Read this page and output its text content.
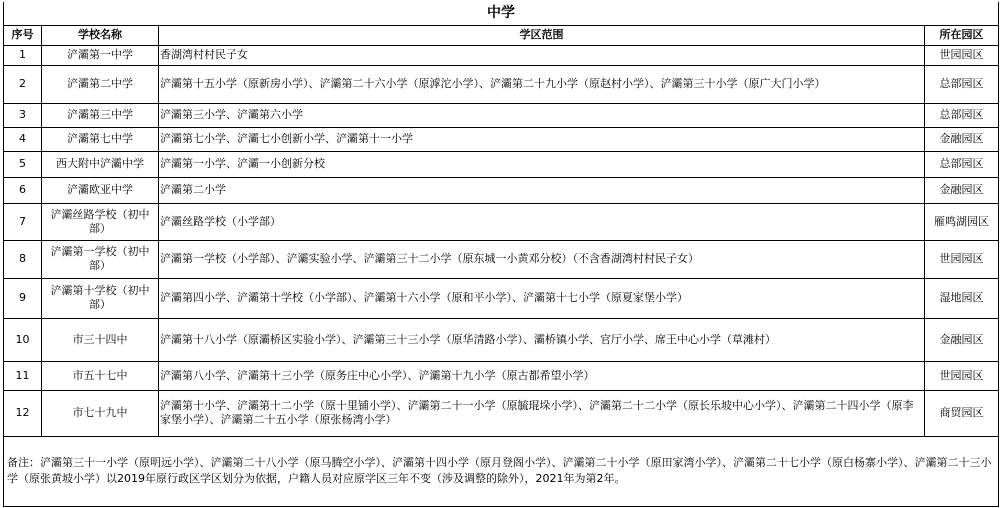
中学			
序号	学校名称	学区范围	所在园区
1	浐灞第一中学	香湖湾村村民子女	世园园区
2	浐灞第二中学	浐灞第十五小学（原新房小学）、浐灞第二十六小学（原滹沱小学）、浐灞第二十九小学（原赵村小学）、浐灞第三十小学（原广大门小学）	总部园区
3	浐灞第三中学	浐灞第三小学、浐灞第六小学	总部园区
4	浐灞第七中学	浐灞第七小学、浐灞七小创新小学、浐灞第十一小学	金融园区
5	西大附中浐灞中学	浐灞第一小学、浐灞一小创新分校	总部园区
6	浐灞欧亚中学	浐灞第二小学	金融园区
7	浐灞丝路学校（初中部）	浐灞丝路学校（小学部）	雁鸣湖园区
8	浐灞第一学校（初中部）	浐灞第一学校（小学部）、浐灞实验小学、浐灞第三十二小学（原东城一小黄邓分校）（不含香湖湾村村民子女）	世园园区
9	浐灞第十学校（初中部）	浐灞第四小学、浐灞第十学校（小学部）、浐灞第十六小学（原和平小学）、浐灞第十七小学（原夏家堡小学）	湿地园区
10	市三十四中	浐灞第十八小学（原灞桥区实验小学）、浐灞第三十三小学（原华清路小学）、灞桥镇小学、官厅小学、席王中心小学（草滩村）	金融园区
11	市五十七中	浐灞第八小学、浐灞第十三小学（原务庄中心小学）、浐灞第十九小学（原古都希望小学）	世园园区
12	市七十九中	浐灞第十小学、浐灞第十二小学（原十里铺小学）、浐灞第二十一小学（原毓琨垛小学）、浐灞第二十二小学（原长乐坡中心小学）、浐灞第二十四小学（原李家堡小学）、浐灞第二十五小学（原张杨湾小学）	商贸园区
备注：浐灞第三十一小学（原明远小学）、浐灞第二十八小学（原马腾空小学）、浐灞第十四小学（原月登阁小学）、浐灞第二十小学（原田家湾小学）、浐灞第二十七小学（原白杨寨小学）、浐灞第二十三小学（原张黄坡小学）以2019年原行政区学区划分为依据，户籍人员对应原学区三年不变（涉及调整的除外），2021年为第2年。
